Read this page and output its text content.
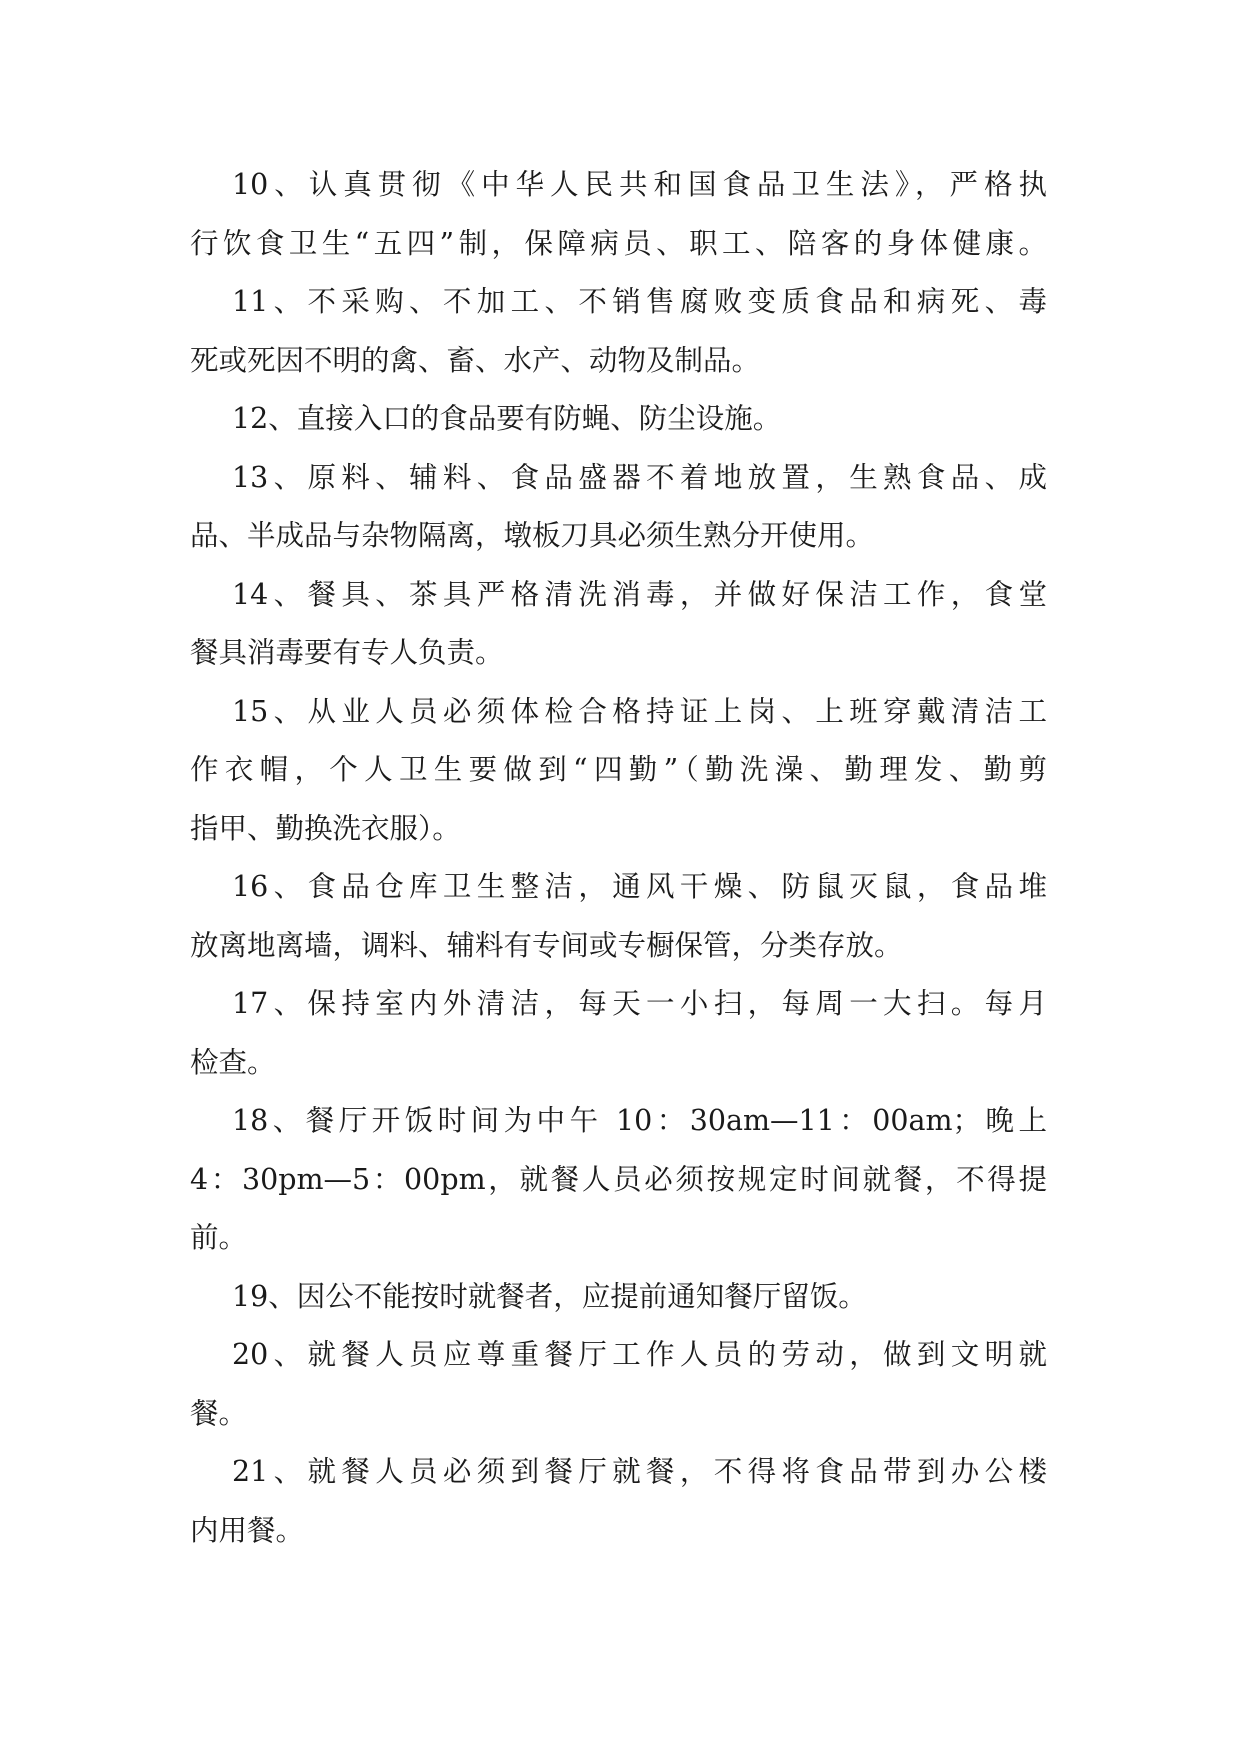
10、认真贯彻《中华人民共和国食品卫生法》，严格执
行饮食卫生“五四”制，保障病员、职工、陪客的身体健康。
11、不采购、不加工、不销售腐败变质食品和病死、毒
死或死因不明的禽、畜、水产、动物及制品。
12、直接入口的食品要有防蝇、防尘设施。
13、原料、辅料、食品盛器不着地放置，生熟食品、成
品、半成品与杂物隔离，墩板刀具必须生熟分开使用。
14、餐具、茶具严格清洗消毒，并做好保洁工作，食堂
餐具消毒要有专人负责。
15、从业人员必须体检合格持证上岗、上班穿戴清洁工
作衣帽，个人卫生要做到“四勤”（勤洗澡、勤理发、勤剪
指甲、勤换洗衣服）。
16、食品仓库卫生整洁，通风干燥、防鼠灭鼠，食品堆
放离地离墙，调料、辅料有专间或专橱保管，分类存放。
17、保持室内外清洁，每天一小扫，每周一大扫。每月
检查。
18、餐厅开饭时间为中午 10：30am—11：00am；晚上
4：30pm—5：00pm，就餐人员必须按规定时间就餐，不得提
前。
19、因公不能按时就餐者，应提前通知餐厅留饭。
20、就餐人员应尊重餐厅工作人员的劳动，做到文明就
餐。
21、就餐人员必须到餐厅就餐，不得将食品带到办公楼
内用餐。
